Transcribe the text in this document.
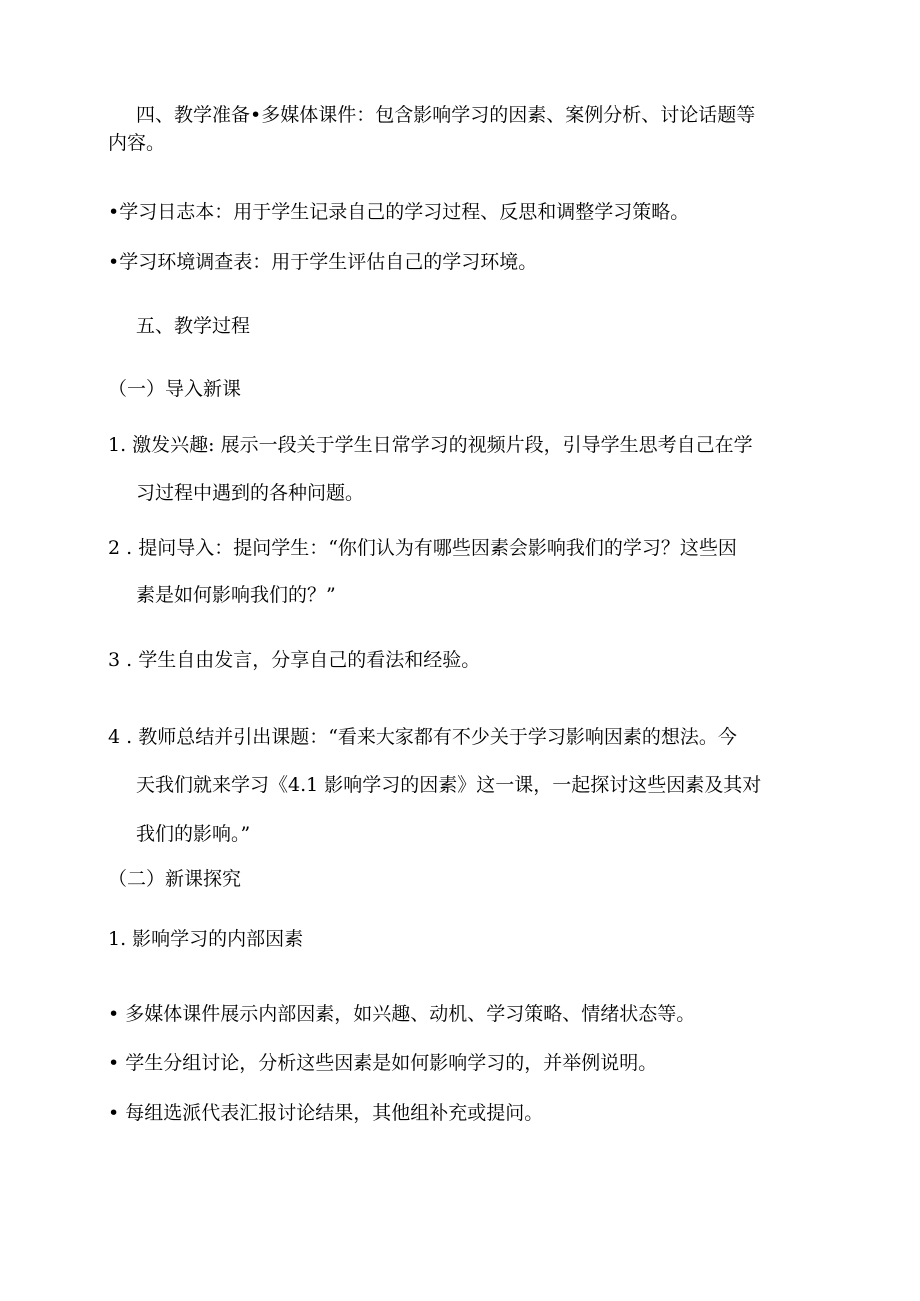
四、教学准备•多媒体课件：包含影响学习的因素、案例分析、讨论话题等
内容。
•学习日志本：用于学生记录自己的学习过程、反思和调整学习策略。
•学习环境调查表：用于学生评估自己的学习环境。
五、教学过程
（一）导入新课
1. 激发兴趣: 展示一段关于学生日常学习的视频片段，引导学生思考自己在学
习过程中遇到的各种问题。
2 . 提问导入：提问学生：“你们认为有哪些因素会影响我们的学习？这些因
素是如何影响我们的？”
3 . 学生自由发言，分享自己的看法和经验。
4 . 教师总结并引出课题：“看来大家都有不少关于学习影响因素的想法。今
天我们就来学习《4.1 影响学习的因素》这一课，一起探讨这些因素及其对
我们的影响。”
（二）新课探究
1. 影响学习的内部因素
• 多媒体课件展示内部因素，如兴趣、动机、学习策略、情绪状态等。
• 学生分组讨论，分析这些因素是如何影响学习的，并举例说明。
• 每组选派代表汇报讨论结果，其他组补充或提问。
